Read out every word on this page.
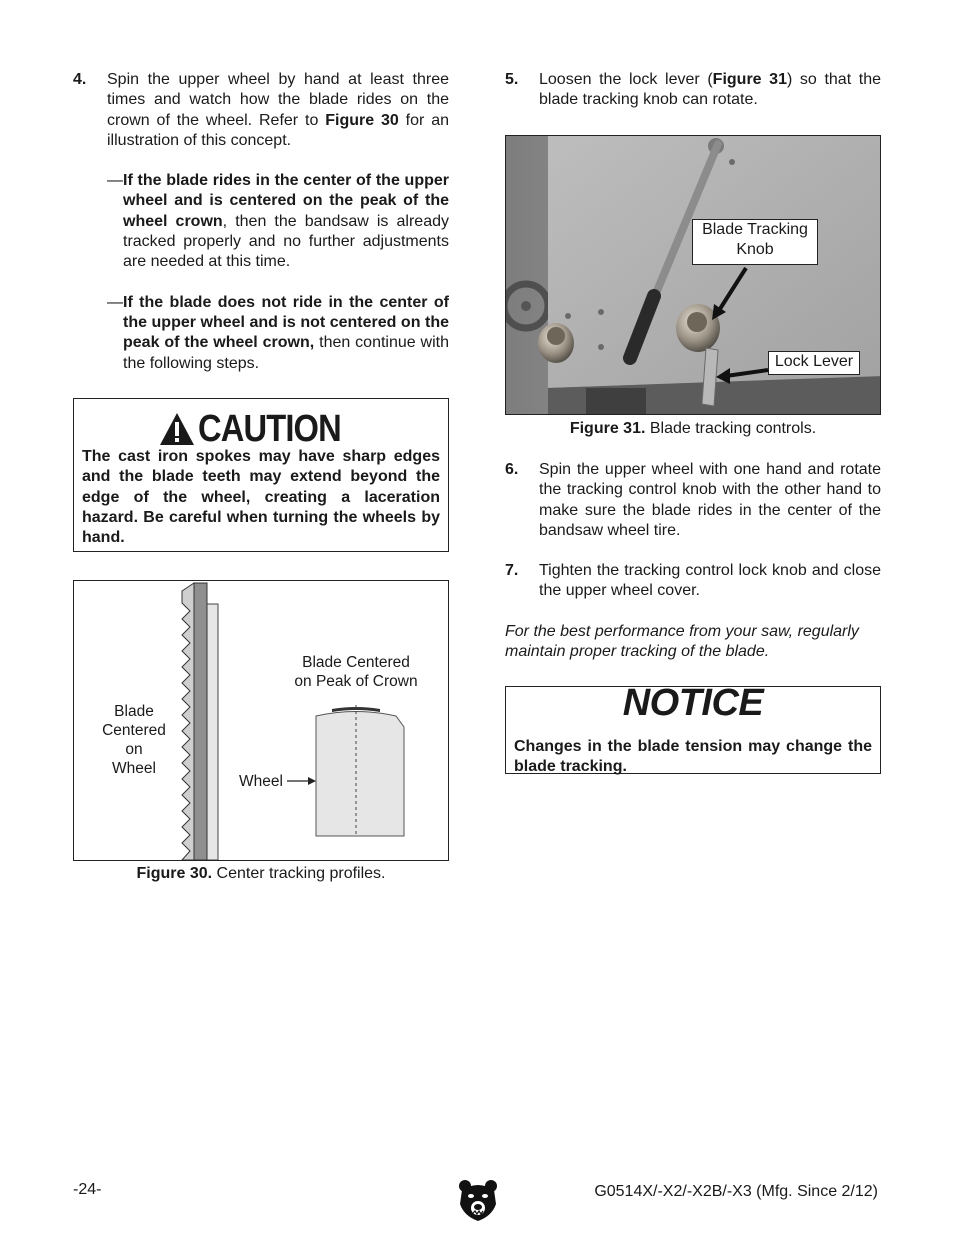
4. Spin the upper wheel by hand at least three times and watch how the blade rides on the crown of the wheel. Refer to Figure 30 for an illustration of this concept.
— If the blade rides in the center of the upper wheel and is centered on the peak of the wheel crown, then the bandsaw is already tracked properly and no further adjustments are needed at this time.
— If the blade does not ride in the center of the upper wheel and is not centered on the peak of the wheel crown, then continue with the following steps.
CAUTION
The cast iron spokes may have sharp edges and the blade teeth may extend beyond the edge of the wheel, creating a laceration hazard. Be careful when turning the wheels by hand.
Blade
Centered
on
Wheel
Blade Centered
on Peak of Crown
Wheel
Figure 30. Center tracking profiles.
5. Loosen the lock lever (Figure 31) so that the blade tracking knob can rotate.
Blade Tracking
Knob
Lock Lever
Figure 31. Blade tracking controls.
6. Spin the upper wheel with one hand and rotate the tracking control knob with the other hand to make sure the blade rides in the center of the bandsaw wheel tire.
7. Tighten the tracking control lock knob and close the upper wheel cover.
For the best performance from your saw, regularly maintain proper tracking of the blade.
NOTICE
Changes in the blade tension may change the blade tracking.
-24-	G0514X/-X2/-X2B/-X3 (Mfg. Since 2/12)
